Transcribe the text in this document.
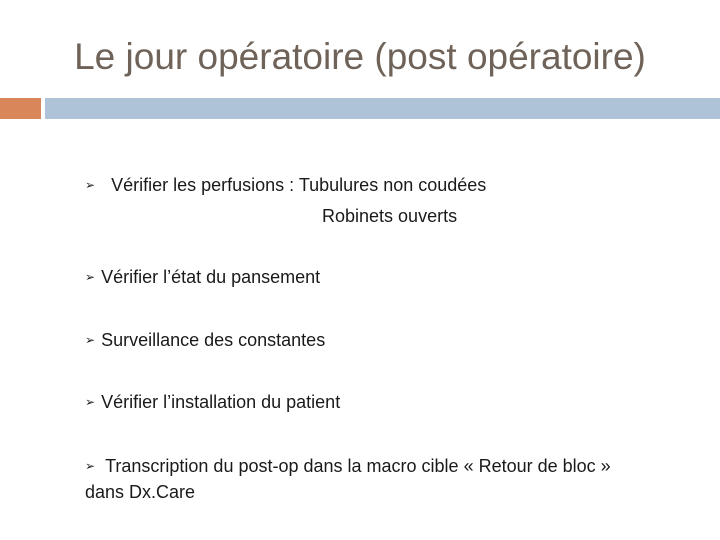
Le jour opératoire (post opératoire)
➢ Vérifier les perfusions : Tubulures non coudées
Robinets ouverts
➢ Vérifier l’état du pansement
➢ Surveillance des constantes
➢ Vérifier l’installation du patient
➢ Transcription du post-op dans la macro cible « Retour de bloc » dans Dx.Care
